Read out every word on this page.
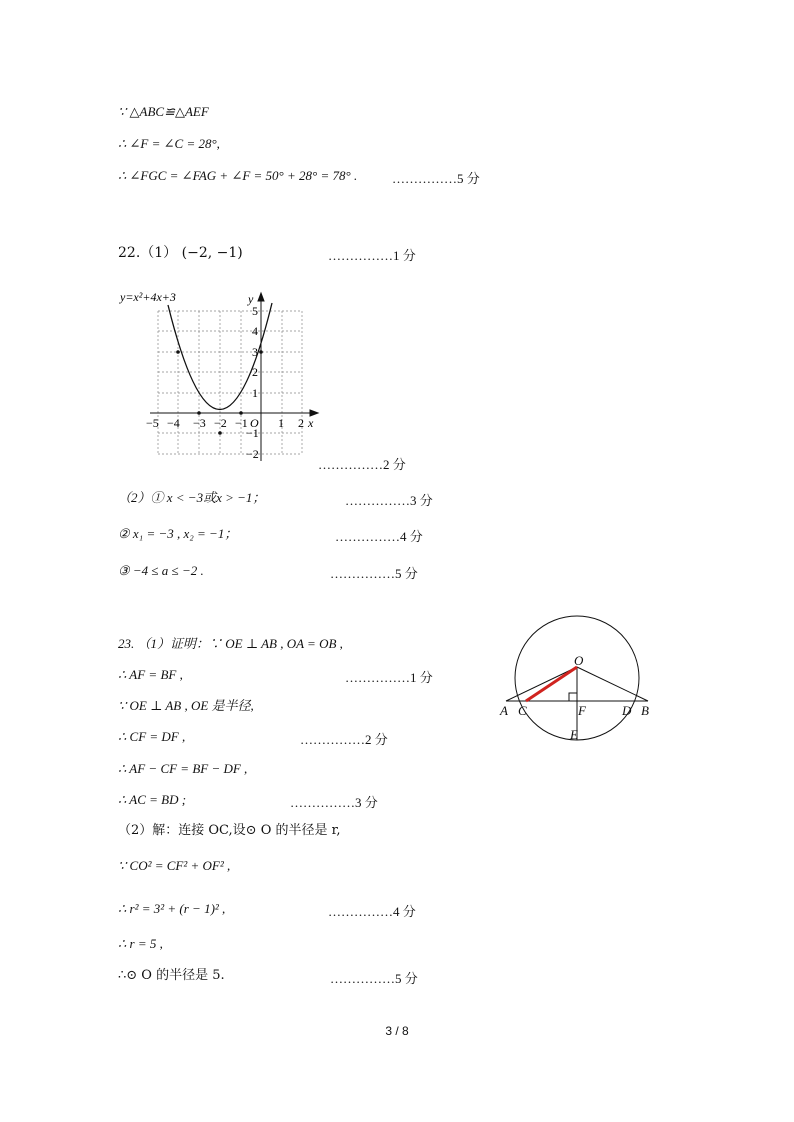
∵ △ABC≌△AEF
∴ ∠F = ∠C = 28°,
∴ ∠FGC = ∠FAG + ∠F = 50° + 28° = 78° .	……………5 分
22.（1） (−2, −1)	……………1 分
y=x²+4x+3	y
x
O
−5 −4 −3 −2 −1	1 2
5
4
3
2
1
−1
−2
……………2 分
（2）① x < −3或x > −1；	……………3 分
② x₁ = −3 , x₂ = −1；	……………4 分
③ −4 ≤ a ≤ −2 .	……………5 分
23. （1）证明：∵ OE ⊥ AB , OA = OB ,
∴ AF = BF ,	……………1 分
∵ OE ⊥ AB , OE 是半径,
∴ CF = DF ,	……………2 分
∴ AF − CF = BF − DF ,
∴ AC = BD ;	……………3 分
（2）解：连接 OC,设⊙ O 的半径是 r,
∵ CO² = CF² + OF² ,
∴ r² = 3² + (r − 1)² ,	……………4 分
∴ r = 5 ,
∴⊙ O 的半径是 5.	……………5 分
O
A C	F	D B
E
3 / 8
